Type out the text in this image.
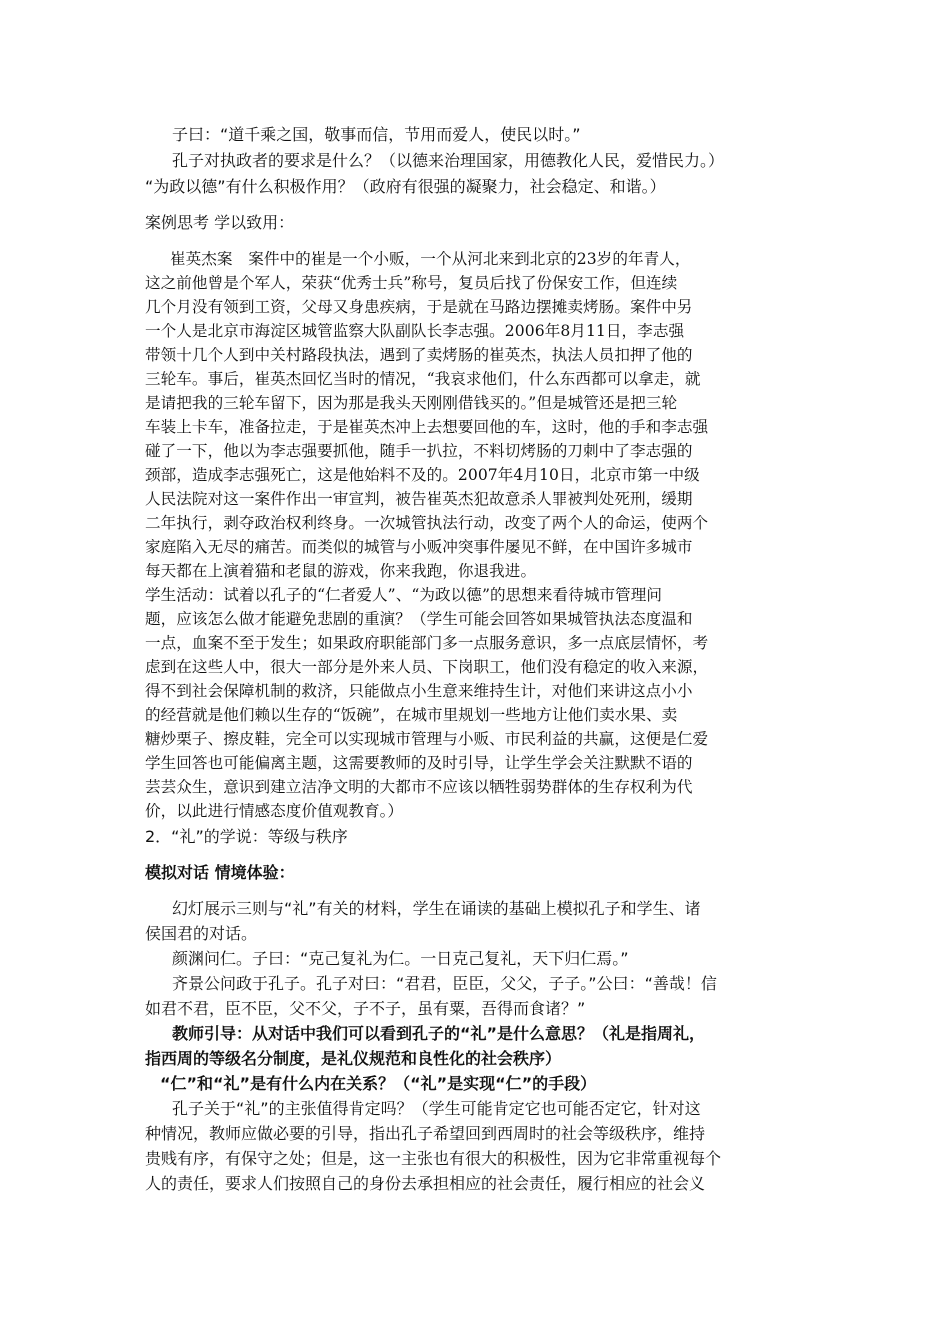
子曰：“道千乘之国，敬事而信，节用而爱人，使民以时。”
孔子对执政者的要求是什么？（以德来治理国家，用德教化人民，爱惜民力。）
“为政以德”有什么积极作用？（政府有很强的凝聚力，社会稳定、和谐。）
案例思考 学以致用：
崔英杰案　案件中的崔是一个小贩，一个从河北来到北京的23岁的年青人，
这之前他曾是个军人，荣获“优秀士兵”称号，复员后找了份保安工作，但连续
几个月没有领到工资，父母又身患疾病，于是就在马路边摆摊卖烤肠。案件中另
一个人是北京市海淀区城管监察大队副队长李志强。2006年8月11日，李志强
带领十几个人到中关村路段执法，遇到了卖烤肠的崔英杰，执法人员扣押了他的
三轮车。事后，崔英杰回忆当时的情况，“我哀求他们，什么东西都可以拿走，就
是请把我的三轮车留下，因为那是我头天刚刚借钱买的。”但是城管还是把三轮
车装上卡车，准备拉走，于是崔英杰冲上去想要回他的车，这时，他的手和李志强
碰了一下，他以为李志强要抓他，随手一扒拉，不料切烤肠的刀刺中了李志强的
颈部，造成李志强死亡，这是他始料不及的。2007年4月10日，北京市第一中级
人民法院对这一案件作出一审宣判，被告崔英杰犯故意杀人罪被判处死刑，缓期
二年执行，剥夺政治权利终身。一次城管执法行动，改变了两个人的命运，使两个
家庭陷入无尽的痛苦。而类似的城管与小贩冲突事件屡见不鲜，在中国许多城市
每天都在上演着猫和老鼠的游戏，你来我跑，你退我进。
学生活动：试着以孔子的“仁者爱人”、“为政以德”的思想来看待城市管理问
题，应该怎么做才能避免悲剧的重演？（学生可能会回答如果城管执法态度温和
一点，血案不至于发生；如果政府职能部门多一点服务意识，多一点底层情怀，考
虑到在这些人中，很大一部分是外来人员、下岗职工，他们没有稳定的收入来源，
得不到社会保障机制的救济，只能做点小生意来维持生计，对他们来讲这点小小
的经营就是他们赖以生存的“饭碗”，在城市里规划一些地方让他们卖水果、卖
糖炒栗子、擦皮鞋，完全可以实现城市管理与小贩、市民利益的共赢，这便是仁爱
学生回答也可能偏离主题，这需要教师的及时引导，让学生学会关注默默不语的
芸芸众生，意识到建立洁净文明的大都市不应该以牺牲弱势群体的生存权利为代
价，以此进行情感态度价值观教育。）
2．“礼”的学说：等级与秩序
模拟对话 情境体验：
幻灯展示三则与“礼”有关的材料，学生在诵读的基础上模拟孔子和学生、诸
侯国君的对话。
颜渊问仁。子曰：“克己复礼为仁。一日克己复礼，天下归仁焉。”
齐景公问政于孔子。孔子对曰：“君君，臣臣，父父，子子。”公曰：“善哉！信
如君不君，臣不臣，父不父，子不子，虽有粟，吾得而食诸？”
教师引导：从对话中我们可以看到孔子的“礼”是什么意思？（礼是指周礼，
指西周的等级名分制度，是礼仪规范和良性化的社会秩序）
“仁”和“礼”是有什么内在关系？（“礼”是实现“仁”的手段）
孔子关于“礼”的主张值得肯定吗？（学生可能肯定它也可能否定它，针对这
种情况，教师应做必要的引导，指出孔子希望回到西周时的社会等级秩序，维持
贵贱有序，有保守之处；但是，这一主张也有很大的积极性，因为它非常重视每个
人的责任，要求人们按照自己的身份去承担相应的社会责任，履行相应的社会义
